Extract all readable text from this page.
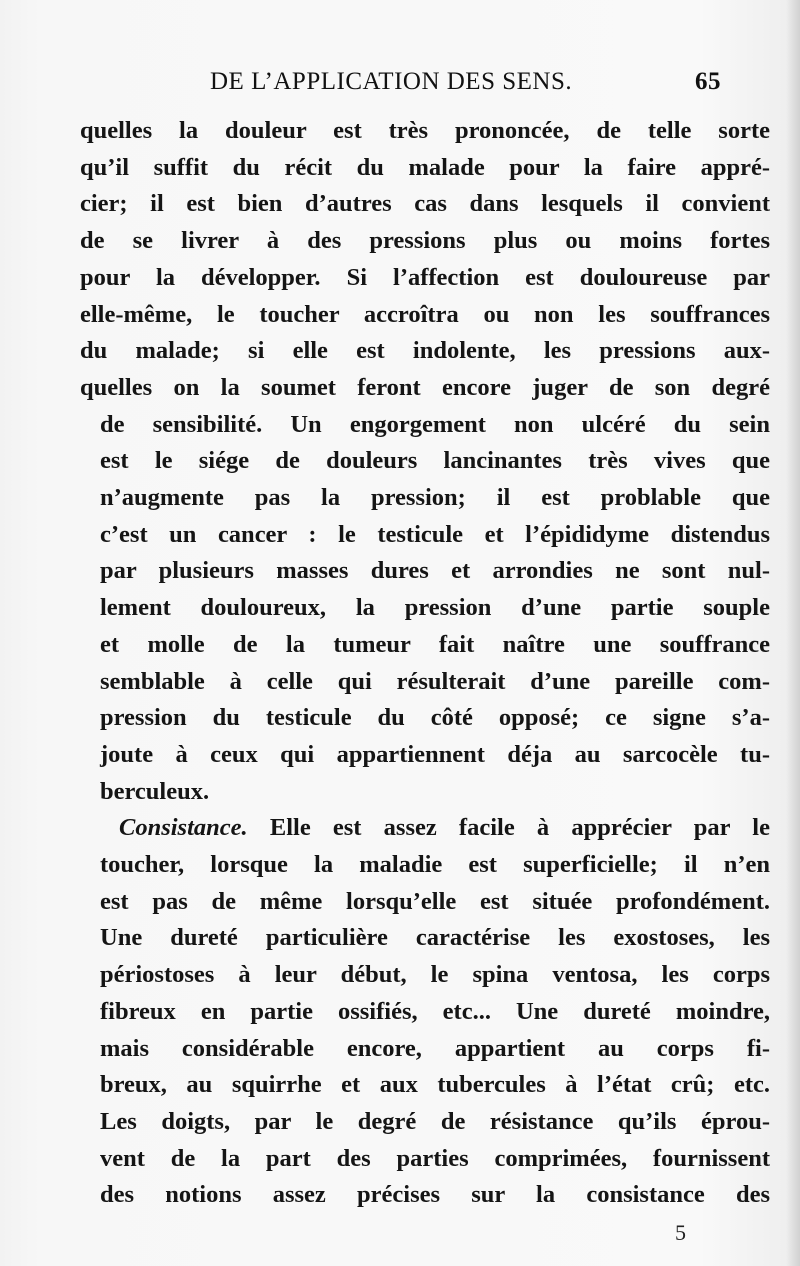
DE L’APPLICATION DES SENS.	65
quelles la douleur est très prononcée, de telle sorte
qu’il suffit du récit du malade pour la faire appré-
cier; il est bien d’autres cas dans lesquels il convient
de se livrer à des pressions plus ou moins fortes
pour la développer. Si l’affection est douloureuse par
elle-même, le toucher accroîtra ou non les souffrances
du malade; si elle est indolente, les pressions aux-
quelles on la soumet feront encore juger de son degré
de sensibilité. Un engorgement non ulcéré du sein
est le siége de douleurs lancinantes très vives que
n’augmente pas la pression; il est problable que
c’est un cancer : le testicule et l’épididyme distendus
par plusieurs masses dures et arrondies ne sont nul-
lement douloureux, la pression d’une partie souple
et molle de la tumeur fait naître une souffrance
semblable à celle qui résulterait d’une pareille com-
pression du testicule du côté opposé; ce signe s’a-
joute à ceux qui appartiennent déja au sarcocèle tu-
berculeux.
Consistance. Elle est assez facile à apprécier par le
toucher, lorsque la maladie est superficielle; il n’en
est pas de même lorsqu’elle est située profondément.
Une dureté particulière caractérise les exostoses, les
périostoses à leur début, le spina ventosa, les corps
fibreux en partie ossifiés, etc... Une dureté moindre,
mais considérable encore, appartient au corps fi-
breux, au squirrhe et aux tubercules à l’état crû; etc.
Les doigts, par le degré de résistance qu’ils éprou-
vent de la part des parties comprimées, fournissent
des notions assez précises sur la consistance des
5
